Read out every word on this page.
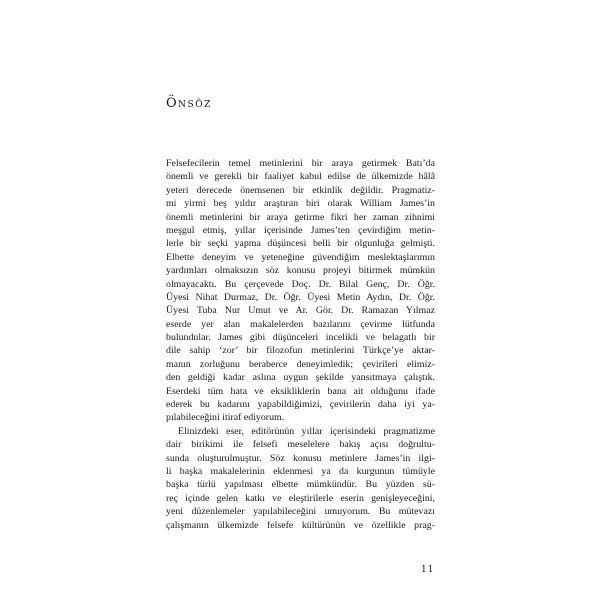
Önsöz
Felsefecilerin temel metinlerini bir araya getirmek Batı’da
önemli ve gerekli bir faaliyet kabul edilse de ülkemizde hâlâ
yeteri derecede önemsenen bir etkinlik değildir. Pragmatiz-
mi yirmi beş yıldır araştıran biri olarak William James’in
önemli metinlerini bir araya getirme fikri her zaman zihnimi
meşgul etmiş, yıllar içerisinde James’ten çevirdiğim metin-
lerle bir seçki yapma düşüncesi belli bir olgunluğa gelmişti.
Elbette deneyim ve yeteneğine güvendiğim meslektaşlarımın
yardımları olmaksızın söz konusu projeyi bitirmek mümkün
olmayacaktı. Bu çerçevede Doç. Dr. Bilal Genç, Dr. Öğr.
Üyesi Nihat Durmaz, Dr. Öğr. Üyesi Metin Aydın, Dr. Öğr.
Üyesi Tuba Nur Umut ve Ar. Gör. Dr. Ramazan Yılmaz
eserde yer alan makalelerden bazılarını çevirme lütfunda
bulundular. James gibi düşünceleri incelikli ve belagatlı bir
dile sahip ‘zor’ bir filozofun metinlerini Türkçe’ye aktar-
manın zorluğunu beraberce deneyimledik; çevirileri elimiz-
den geldiği kadar aslına uygun şekilde yansıtmaya çalıştık.
Eserdeki tüm hata ve eksikliklerin bana ait olduğunu ifade
ederek bu kadarını yapabildiğimizi, çevirilerin daha iyi ya-
pılabileceğini itiraf ediyorum.
Elinizdeki eser, editörünün yıllar içerisindeki pragmatizme
dair birikimi ile felsefi meselelere bakış açısı doğrultu-
sunda oluşturulmuştur. Söz konusu metinlere James’in ilgi-
li başka makalelerinin eklenmesi ya da kurgunun tümüyle
başka türlü yapılması elbette mümkündür. Bu yüzden sü-
reç içinde gelen katkı ve eleştirilerle eserin genişleyeceğini,
yeni düzenlemeler yapılabileceğini umuyorum. Bu mütevazı
çalışmanın ülkemizde felsefe kültürünün ve özellikle prag-
11
